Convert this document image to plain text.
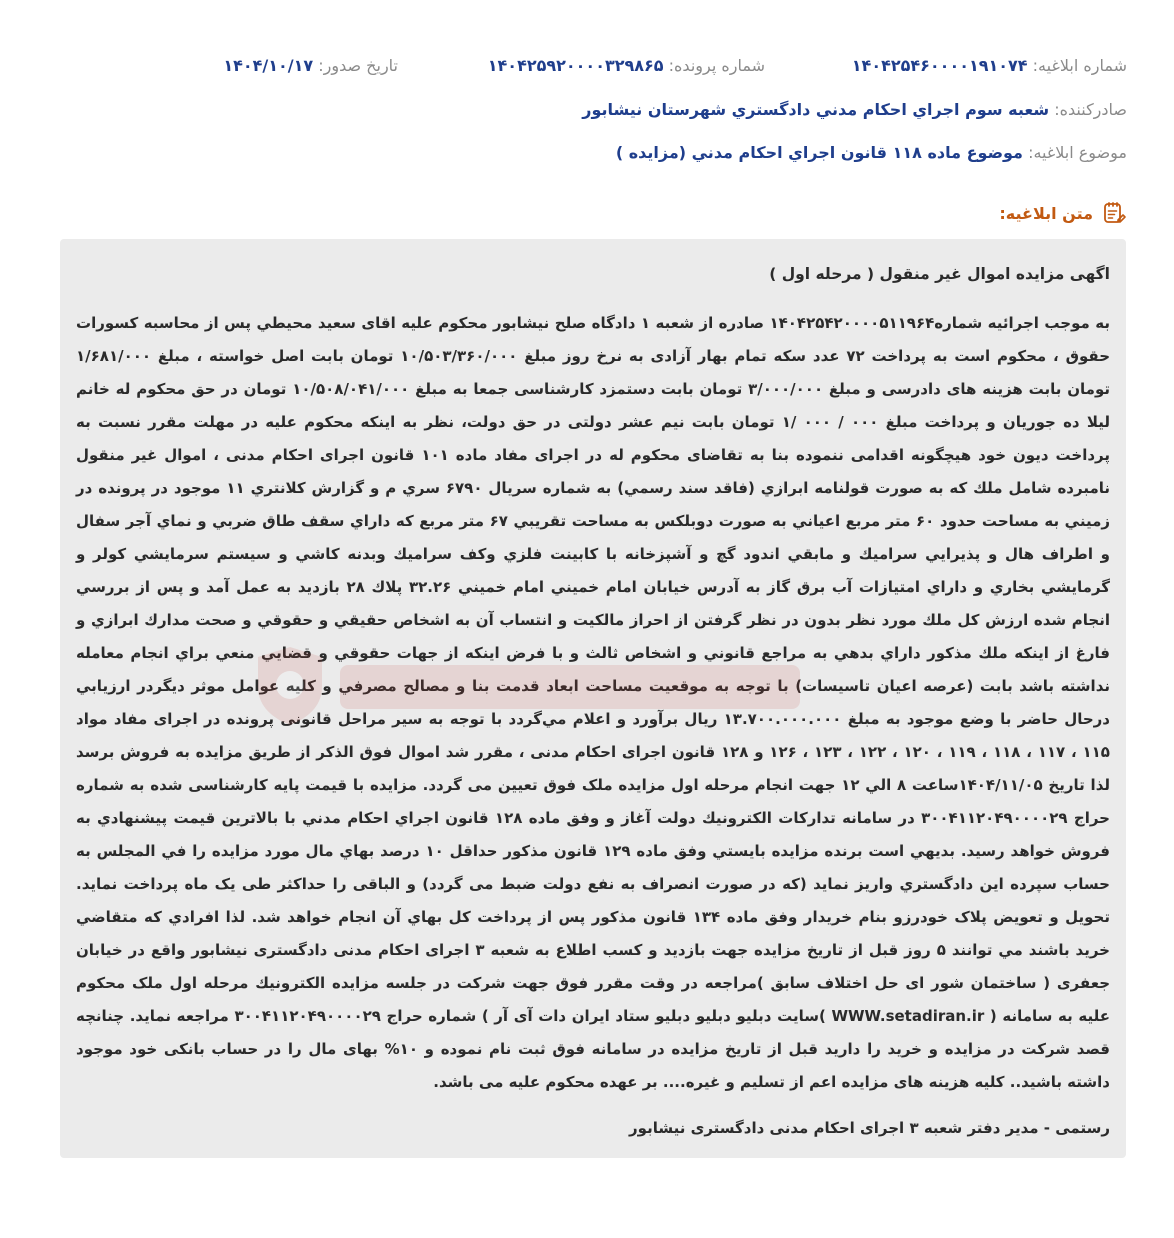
شماره ابلاغیه: ۱۴۰۴۲۵۴۶۰۰۰۰۱۹۱۰۷۴
شماره پرونده: ۱۴۰۴۲۵۹۲۰۰۰۰۳۲۹۸۶۵
تاریخ صدور: ۱۴۰۴/۱۰/۱۷
صادرکننده: شعبه سوم اجراي احكام مدني دادگستري شهرستان نيشابور
موضوع ابلاغیه: موضوع ماده ۱۱۸ قانون اجراي احكام مدني (مزايده )
متن ابلاغیه:

اگهی مزایده اموال غیر منقول ( مرحله اول )

به موجب اجرائيه شماره۱۴۰۴۲۵۴۲۰۰۰۰۵۱۱۹۶۴ صادره از شعبه ۱ دادگاه صلح نيشابور محکوم عليه اقای سعيد محيطي پس از محاسبه كسورات حقوق ، محکوم است به پرداخت ۷۲ عدد سکه تمام بهار آزادی به نرخ روز مبلغ ۱۰/۵۰۳/۳۶۰/۰۰۰ تومان بابت اصل خواسته ، مبلغ ۱/۶۸۱/۰۰۰ تومان بابت هزينه های دادرسی و مبلغ ۳/۰۰۰/۰۰۰ تومان بابت دستمزد کارشناسی جمعا به مبلغ ۱۰/۵۰۸/۰۴۱/۰۰۰ تومان در حق محکوم له خانم ليلا ده جوريان و پرداخت مبلغ ۰۰۰ / ۰۰۰ /۱ تومان بابت نيم عشر دولتی در حق دولت، نظر به اينکه محکوم عليه در مهلت مقرر نسبت به پرداخت ديون خود هيچگونه اقدامی ننموده بنا به تقاضای محکوم له در اجرای مفاد ماده ۱۰۱ قانون اجرای احکام مدنی ، اموال غير منقول نامبرده شامل ملك كه به صورت قولنامه ابرازي (فاقد سند رسمي) به شماره سريال ۶۷۹۰ سري م و گزارش كلانتري ۱۱ موجود در پرونده در زميني به مساحت حدود ۶۰ متر مربع اعياني به صورت دوبلكس به مساحت تقريبي ۶۷ متر مربع كه داراي سقف طاق ضربي و نماي آجر سفال و اطراف هال و پذيرايي سراميك و مابقي اندود گچ و آشپزخانه با كابينت فلزي وكف سراميك وبدنه كاشي و سيستم سرمايشي كولر و گرمايشي بخاري و داراي امتيازات آب برق گاز به آدرس خيابان امام خميني امام خميني ۳۲.۲۶ پلاك ۲۸ بازديد به عمل آمد و پس از بررسي انجام شده ارزش كل ملك مورد نظر بدون در نظر گرفتن از احراز مالكيت و انتساب آن به اشخاص حقيقي و حقوقي و صحت مدارك ابرازي و فارغ از اينكه ملك مذكور داراي بدهي به مراجع قانوني و اشخاص ثالث و با فرض اينكه از جهات حقوقي و قضايي منعي براي انجام معامله نداشته باشد بابت (عرصه اعيان تاسيسات) با توجه به موقعيت مساحت ابعاد قدمت بنا و مصالح مصرفي و كليه عوامل موثر ديگردر ارزيابي درحال حاضر با وضع موجود به مبلغ ۱۳.۷۰۰.۰۰۰.۰۰۰ ريال برآورد و اعلام مي‌گردد با توجه به سير مراحل قانونی پرونده در اجرای مفاد مواد ۱۱۵ ، ۱۱۷ ، ۱۱۸ ، ۱۱۹ ، ۱۲۰ ، ۱۲۲ ، ۱۲۳ ، ۱۲۶ و ۱۲۸ قانون اجرای احکام مدنی ، مقرر شد اموال فوق الذکر از طريق مزايده به فروش برسد لذا تاريخ ۱۴۰۴/۱۱/۰۵ساعت ۸ الي ۱۲ جهت انجام مرحله اول مزايده ملک فوق تعيين می گردد. مزايده با قيمت پايه کارشناسی شده به شماره حراج ۳۰۰۴۱۱۲۰۴۹۰۰۰۰۲۹ در سامانه تداركات الكترونيك دولت آغاز و وفق ماده ۱۲۸ قانون اجراي احكام مدني با بالاترين قيمت پيشنهادي به فروش خواهد رسيد. بديهي است برنده مزايده بايستي وفق ماده ۱۲۹ قانون مذكور حداقل ۱۰ درصد بهاي مال مورد مزايده را في المجلس به حساب سپرده اين دادگستري واريز نمايد (كه در صورت انصراف به نفع دولت ضبط مى گردد) و الباقى را حداكثر طى يک ماه پرداخت نمايد. تحويل و تعويض پلاک خودرزو بنام خريدار وفق ماده ۱۳۴ قانون مذكور پس از پرداخت كل بهاي آن انجام خواهد شد. لذا افرادي كه متقاضي خريد باشند مي توانند ۵ روز قبل از تاريخ مزايده جهت بازديد و كسب اطلاع به شعبه ۳ اجرای احکام مدنی دادگستری نيشابور واقع در خيابان جعفری ( ساختمان شور ای حل اختلاف سابق )مراجعه در وقت مقرر فوق جهت شركت در جلسه مزايده الكترونيك مرحله اول ملک محکوم عليه به سامانه ( WWW.setadiran.ir )سايت دبليو دبليو دبليو ستاد ايران دات آی آر ) شماره حراج ۳۰۰۴۱۱۲۰۴۹۰۰۰۰۲۹ مراجعه نمايد. چنانچه قصد شركت در مزايده و خريد را داريد قبل از تاريخ مزايده در سامانه فوق ثبت نام نموده و ۱۰% بهای مال را در حساب بانكی خود موجود داشته باشيد.. كليه هزينه های مزايده اعم از تسليم و غيره.... بر عهده محكوم عليه می باشد.

رستمی - مدير دفتر شعبه ۳ اجرای احکام مدنی دادگستری نيشابور
